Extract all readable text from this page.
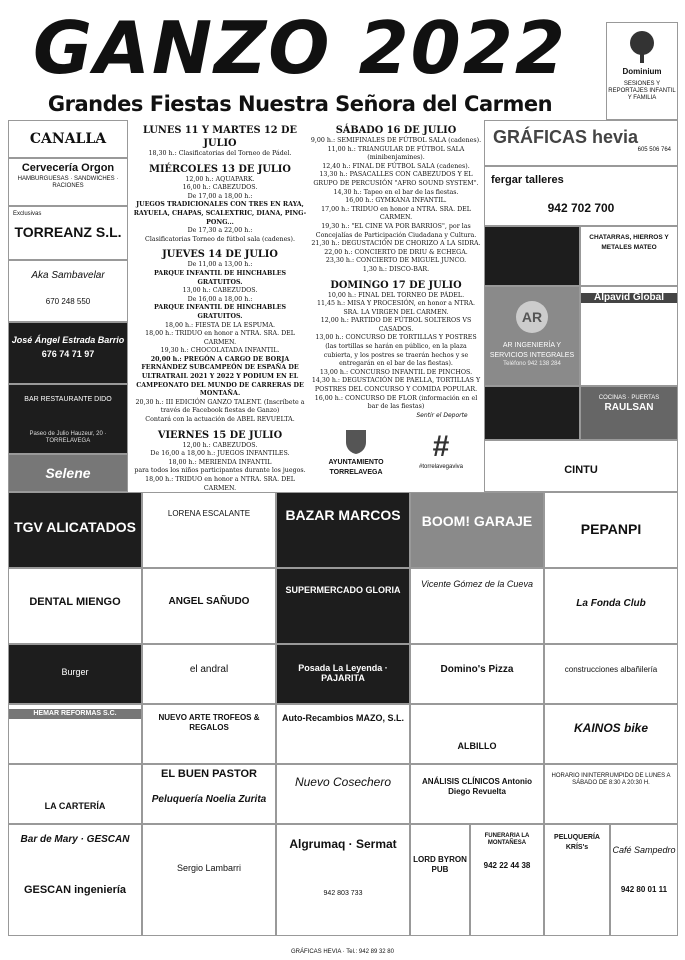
GANZO 2022
Grandes Fiestas Nuestra Señora del Carmen
Dominium
SESIONES Y REPORTAJES INFANTIL Y FAMILIA
CANALLA
Cervecería Orgon
HAMBURGUESAS · SANDWICHES · RACIONES
Exclusivas
TORREANZ S.L.
Aka Sambavelar
670 248 550
José Ángel Estrada Barrio
676 74 71 97
BAR RESTAURANTE DIDO
Paseo de Julio Hauzeur, 20 · TORRELAVEGA
Selene
LUNES 11 Y MARTES 12 DE JULIO

18,30 h.: Clasificatorias del Torneo de Pádel.

MIÉRCOLES 13 DE JULIO

12,00 h.: AQUAPARK.

16,00 h.: CABEZUDOS.

De 17,00 a 18,00 h.:

JUEGOS TRADICIONALES CON TRES EN RAYA, RAYUELA, CHAPAS, SCALEXTRIC, DIANA, PING-PONG...

De 17,30 a 22,00 h.:

Clasificatorias Torneo de fútbol sala (cadenes).

JUEVES 14 DE JULIO

De 11,00 a 13,00 h.:

PARQUE INFANTIL DE HINCHABLES GRATUITOS.

13,00 h.: CABEZUDOS.

De 16,00 a 18,00 h.:

PARQUE INFANTIL DE HINCHABLES GRATUITOS.

18,00 h.: FIESTA DE LA ESPUMA.

18,00 h.: TRIDUO en honor a NTRA. SRA. DEL CARMEN.

19,30 h.: CHOCOLATADA INFANTIL.

20,00 h.: PREGÓN A CARGO DE BORJA FERNÁNDEZ SUBCAMPEÓN DE ESPAÑA DE ULTRATRAIL 2021 Y 2022 Y PODIUM EN EL CAMPEONATO DEL MUNDO DE CARRERAS DE MONTAÑA.

20,30 h.: III EDICIÓN GANZO TALENT. (Inscríbete a través de Facebook fiestas de Ganzo)

Contará con la actuación de ABEL REVUELTA.

VIERNES 15 DE JULIO

12,00 h.: CABEZUDOS.

De 16,00 a 18,00 h.: JUEGOS INFANTILES.

18,00 h.: MERIENDA INFANTIL

para todos los niños participantes durante los juegos.

18,00 h.: TRIDUO en honor a NTRA. SRA. DEL CARMEN.

SÁBADO 16 DE JULIO

9,00 h.: SEMIFINALES DE FÚTBOL SALA (cadenes).

11,00 h.: TRIANGULAR DE FÚTBOL SALA (minibenjamines).

12,40 h.: FINAL DE FÚTBOL SALA (cadenes).

13,30 h.: PASACALLES CON CABEZUDOS Y EL GRUPO DE PERCUSIÓN "AFRO SOUND SYSTEM".

14,30 h.: Tapeo en el bar de las fiestas.

16,00 h.: GYMKANA INFANTIL.

17,00 h.: TRIDUO en honor a NTRA. SRA. DEL CARMEN.

19,30 h.: "EL CINE VA POR BARRIOS", por las Concejalías de Participación Ciudadana y Cultura.

21,30 h.: DEGUSTACIÓN DE CHORIZO A LA SIDRA.

22,00 h.: CONCIERTO DE DRIU & ECHEGA.

23,30 h.: CONCIERTO DE MIGUEL JUNCO.

1,30 h.: DISCO-BAR.

DOMINGO 17 DE JULIO

10,00 h.: FINAL DEL TORNEO DE PÁDEL.

11,45 h.: MISA Y PROCESIÓN, en honor a NTRA. SRA. LA VIRGEN DEL CARMEN.

12,00 h.: PARTIDO DE FÚTBOL SOLTEROS VS CASADOS.

13,00 h.: CONCURSO DE TORTILLAS Y POSTRES (las tortillas se harán en público, en la plaza cubierta, y los postres se traerán hechos y se entregarán en el bar de las fiestas).

13,00 h.: CONCURSO INFANTIL DE PINCHOS.

14,30 h.: DEGUSTACIÓN DE PAELLA, TORTILLAS Y POSTRES DEL CONCURSO Y COMIDA POPULAR.

16,00 h.: CONCURSO DE FLOR (información en el bar de las fiestas)

AYUNTAMIENTO TORRELAVEGA
Sentir el Deporte
#
#torrelavegaviva
GRÁFICAS hevia
605 506 764
fergar talleres
942 702 700
CHATARRAS, HIERROS Y METALES MATEO
Alpavid Global
AR
AR INGENIERÍA Y SERVICIOS INTEGRALES
Teléfono 942 138 284
COCINAS · PUERTAS
RAULSAN
CINTU
TGV ALICATADOS
LORENA ESCALANTE	BAZAR MARCOS	BOOM! GARAJE	PEPANPI
DENTAL MIENGO	ANGEL SAÑUDO
SUPERMERCADO GLORIA
Vicente Gómez de la Cueva
La Fonda Club
Burger	el andral	Posada La Leyenda · PAJARITA
Domino's Pizza	construcciones albañilería
HEMAR REFORMAS S.C.	NUEVO ARTE TROFEOS & REGALOS
Auto-Recambios MAZO, S.L.
ALBILLO
KAINOS bike
LA CARTERÍA
EL BUEN PASTOR
Peluquería Noelia Zurita
Nuevo Cosechero	ANÁLISIS CLÍNICOS Antonio Diego Revuelta
HORARIO ININTERRUMPIDO DE LUNES A SÁBADO DE 8:30 A 20:30 H.
Bar de Mary · GESCAN
GESCAN ingeniería
Sergio Lambarri
Algrumaq · Sermat
942 803 733
LORD BYRON PUB
FUNERARIA LA MONTAÑESA
942 22 44 38
PELUQUERÍA KRÍS's	Café Sampedro
942 80 01 11
GRÁFICAS HEVIA · Tel.: 942 89 32 80
